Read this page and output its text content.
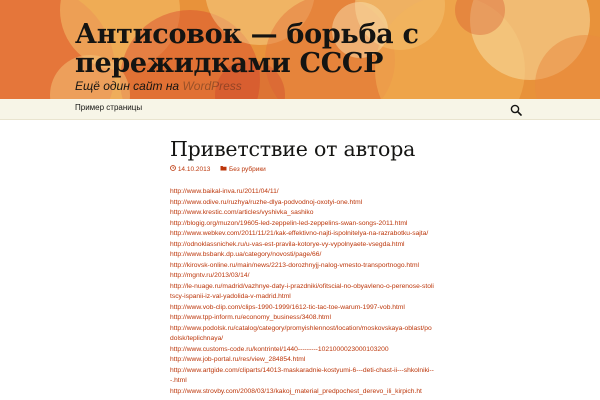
Антисовок — борьба с пережидками СССР
Ещё один сайт на WordPress
Пример страницы
Приветствие от автора
14.10.2013	Без рубрики
http://www.baikal-inva.ru/2011/04/11/
http://www.odive.ru/ruzhya/ruzhe-dlya-podvodnoj-oxotyi-one.html
http://www.krestic.com/articles/vyshivka_sashiko
http://blogig.org/muzon/19605-led-zeppelin-led-zeppelins-swan-songs-2011.html
http://www.webkev.com/2011/11/21/kak-effektivno-najti-ispolnitelya-na-razrabotku-sajta/
http://odnoklassnichek.ru/u-vas-est-pravila-kotorye-vy-vypolnyaete-vsegda.html
http://www.bsbank.dp.ua/category/novosti/page/66/
http://kirovsk-online.ru/main/news/2213-dorozhnyjj-nalog-vmesto-transportnogo.html
http://mgntv.ru/2013/03/14/
http://le-nuage.ru/madrid/vazhnye-daty-i-prazdniki/ofitscial-no-obyavleno-o-perenose-stolitscy-ispanii-iz-val-yadolida-v-madrid.html
http://www.vob-clip.com/clips-1990-1999/1612-tic-tac-toe-warum-1997-vob.html
http://www.tpp-inform.ru/economy_business/3408.html
http://www.podolsk.ru/catalog/category/promyishlennost/location/moskovskaya-oblast/podolsk/teplichnaya/
http://www.customs-code.ru/kontrintel/1440---------1021000023000103200
http://www.job-portal.ru/res/view_284854.html
http://www.artgide.com/cliparts/14013-maskaradnie-kostyumi-6---deti-chast-ii---shkolniki---.html
http://www.strovby.com/2008/03/13/kakoj_material_predpochest_derevo_ili_kirpich.ht
